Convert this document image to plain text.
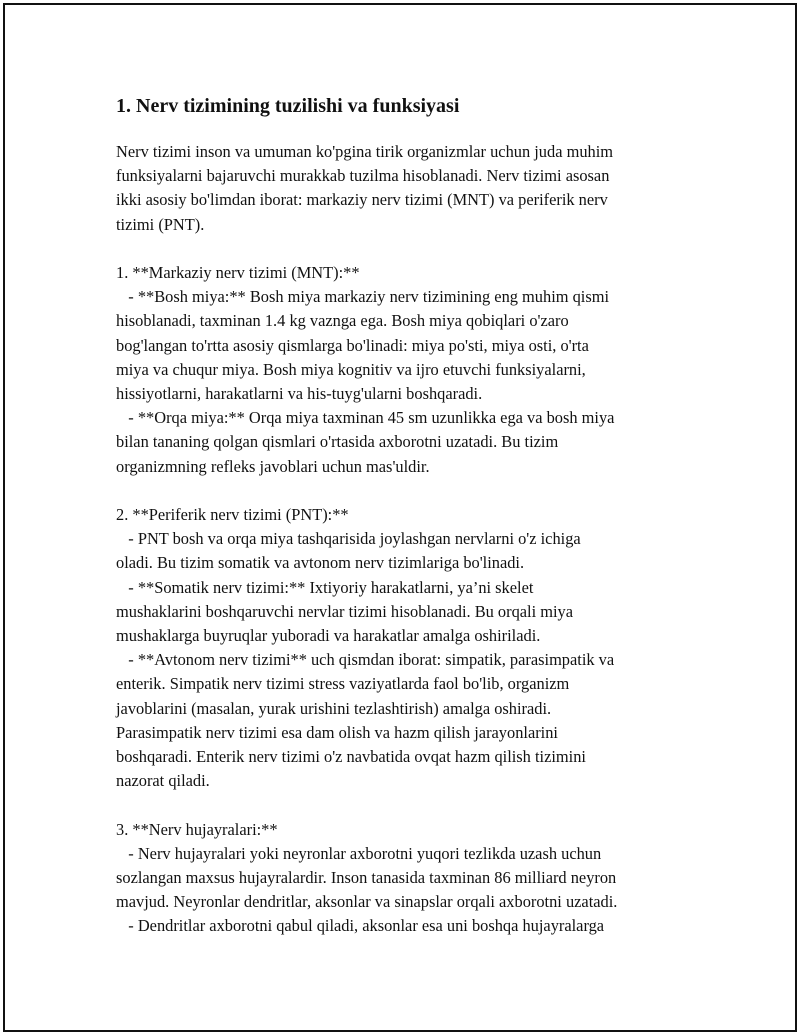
1. Nerv tizimining tuzilishi va funksiyasi
Nerv tizimi inson va umuman ko'pgina tirik organizmlar uchun juda muhim
funksiyalarni bajaruvchi murakkab tuzilma hisoblanadi. Nerv tizimi asosan
ikki asosiy bo'limdan iborat: markaziy nerv tizimi (MNT) va periferik nerv
tizimi (PNT).
1. **Markaziy nerv tizimi (MNT):**
- **Bosh miya:** Bosh miya markaziy nerv tizimining eng muhim qismi
hisoblanadi, taxminan 1.4 kg vaznga ega. Bosh miya qobiqlari o'zaro
bog'langan to'rtta asosiy qismlarga bo'linadi: miya po'sti, miya osti, o'rta
miya va chuqur miya. Bosh miya kognitiv va ijro etuvchi funksiyalarni,
hissiyotlarni, harakatlarni va his-tuyg'ularni boshqaradi.
- **Orqa miya:** Orqa miya taxminan 45 sm uzunlikka ega va bosh miya
bilan tananing qolgan qismlari o'rtasida axborotni uzatadi. Bu tizim
organizmning refleks javoblari uchun mas'uldir.
2. **Periferik nerv tizimi (PNT):**
- PNT bosh va orqa miya tashqarisida joylashgan nervlarni o'z ichiga
oladi. Bu tizim somatik va avtonom nerv tizimlariga bo'linadi.
- **Somatik nerv tizimi:** Ixtiyoriy harakatlarni, ya’ni skelet
mushaklarini boshqaruvchi nervlar tizimi hisoblanadi. Bu orqali miya
mushaklarga buyruqlar yuboradi va harakatlar amalga oshiriladi.
- **Avtonom nerv tizimi** uch qismdan iborat: simpatik, parasimpatik va
enterik. Simpatik nerv tizimi stress vaziyatlarda faol bo'lib, organizm
javoblarini (masalan, yurak urishini tezlashtirish) amalga oshiradi.
Parasimpatik nerv tizimi esa dam olish va hazm qilish jarayonlarini
boshqaradi. Enterik nerv tizimi o'z navbatida ovqat hazm qilish tizimini
nazorat qiladi.
3. **Nerv hujayralari:**
- Nerv hujayralari yoki neyronlar axborotni yuqori tezlikda uzash uchun
sozlangan maxsus hujayralardir. Inson tanasida taxminan 86 milliard neyron
mavjud. Neyronlar dendritlar, aksonlar va sinapslar orqali axborotni uzatadi.
- Dendritlar axborotni qabul qiladi, aksonlar esa uni boshqa hujayralarga
